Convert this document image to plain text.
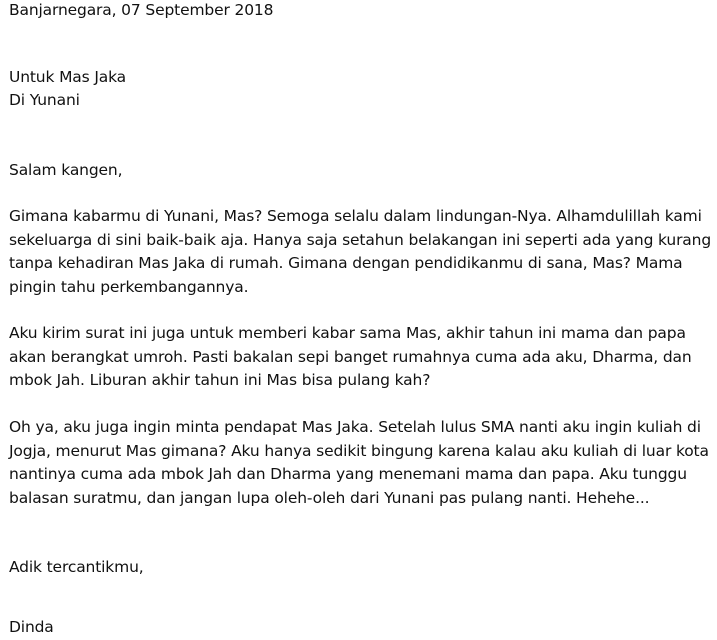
Banjarnegara, 07 September 2018
Untuk Mas Jaka
Di Yunani
Salam kangen,
Gimana kabarmu di Yunani, Mas? Semoga selalu dalam lindungan-Nya. Alhamdulillah kami
sekeluarga di sini baik-baik aja. Hanya saja setahun belakangan ini seperti ada yang kurang
tanpa kehadiran Mas Jaka di rumah. Gimana dengan pendidikanmu di sana, Mas? Mama
pingin tahu perkembangannya.
Aku kirim surat ini juga untuk memberi kabar sama Mas, akhir tahun ini mama dan papa
akan berangkat umroh. Pasti bakalan sepi banget rumahnya cuma ada aku, Dharma, dan
mbok Jah. Liburan akhir tahun ini Mas bisa pulang kah?
Oh ya, aku juga ingin minta pendapat Mas Jaka. Setelah lulus SMA nanti aku ingin kuliah di
Jogja, menurut Mas gimana? Aku hanya sedikit bingung karena kalau aku kuliah di luar kota
nantinya cuma ada mbok Jah dan Dharma yang menemani mama dan papa. Aku tunggu
balasan suratmu, dan jangan lupa oleh-oleh dari Yunani pas pulang nanti. Hehehe...
Adik tercantikmu,
Dinda
